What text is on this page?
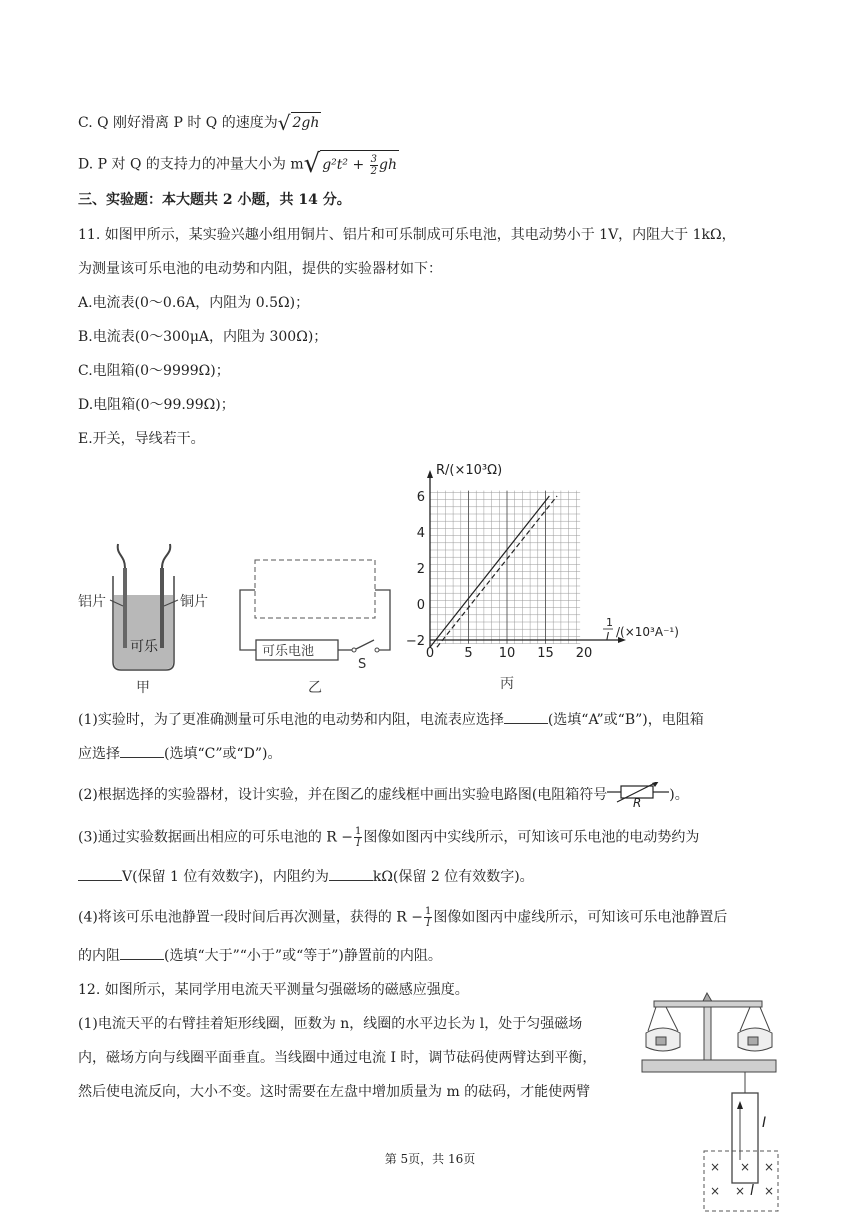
C. Q 刚好滑离 P 时 Q 的速度为 √ 2gh
D. P 对 Q 的支持力的冲量大小为 m √ $g^2t^2 + \frac{3}{2}$ gh
三、实验题：本大题共 2 小题，共 14 分。
11. 如图甲所示，某实验兴趣小组用铜片、铝片和可乐制成可乐电池，其电动势小于 1V，内阻大于 1kΩ，
为测量该可乐电池的电动势和内阻，提供的实验器材如下：
A.电流表(0～0.6A，内阻为 0.5Ω)；
B.电流表(0～300μA，内阻为 300Ω)；
C.电阻箱(0～9999Ω)；
D.电阻箱(0～99.99Ω)；
E.开关，导线若干。
铝片	铜片
可乐
甲
可乐电池
S
乙
−2
0
2
4
6
0 5 10 15 20
R/(×10³Ω)
1
I /(×10³A⁻¹)
丙
(1)实验时，为了更准确测量可乐电池的电动势和内阻，电流表应选择	(选填“A”或“B”)，电阻箱
应选择	(选填“C”或“D”)。
(2)根据选择的实验器材，设计实验，并在图乙的虚线框中画出实验电路图(电阻箱符号 R )。
(3)通过实验数据画出相应的可乐电池的 $R - \frac{1}{I}$ 图像如图丙中实线所示，可知该可乐电池的电动势约为
V(保留 1 位有效数字)，内阻约为	kΩ(保留 2 位有效数字)。
(4)将该可乐电池静置一段时间后再次测量，获得的 $R - \frac{1}{I}$ 图像如图丙中虚线所示，可知该可乐电池静置后
的内阻	(选填“大于”“小于”或“等于”)静置前的内阻。
12. 如图所示，某同学用电流天平测量匀强磁场的磁感应强度。
(1)电流天平的右臂挂着矩形线圈，匝数为 n，线圈的水平边长为 l，处于匀强磁场
内，磁场方向与线圈平面垂直。当线圈中通过电流 I 时，调节砝码使两臂达到平衡，
然后使电流反向，大小不变。这时需要在左盘中增加质量为 m 的砝码，才能使两臂
I
× × ×
× × l ×
第 5页，共 16页
